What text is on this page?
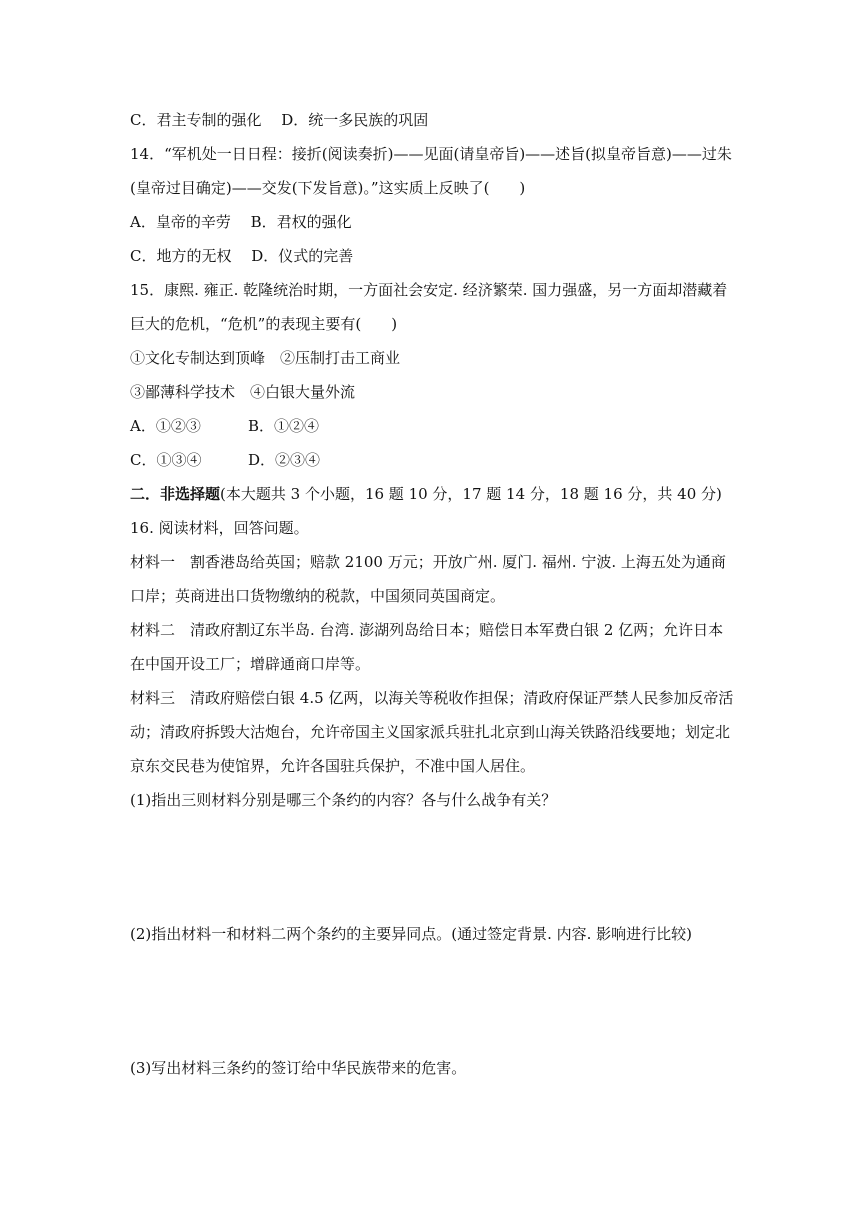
C．君主专制的强化　 D．统一多民族的巩固
14．“军机处一日日程：接折(阅读奏折)——见面(请皇帝旨)——述旨(拟皇帝旨意)——过朱
(皇帝过目确定)——交发(下发旨意)。”这实质上反映了(　　)
A．皇帝的辛劳　 B．君权的强化
C．地方的无权　 D．仪式的完善
15．康熙. 雍正. 乾隆统治时期，一方面社会安定. 经济繁荣. 国力强盛，另一方面却潜藏着
巨大的危机，“危机”的表现主要有(　　)
①文化专制达到顶峰　②压制打击工商业
③鄙薄科学技术　④白银大量外流
A．①②③	B．①②④
C．①③④	D．②③④
二．非选择题(本大题共 3 个小题，16 题 10 分，17 题 14 分，18 题 16 分，共 40 分)
16. 阅读材料，回答问题。
材料一　割香港岛给英国；赔款 2100 万元；开放广州. 厦门. 福州. 宁波. 上海五处为通商
口岸；英商进出口货物缴纳的税款，中国须同英国商定。
材料二　清政府割辽东半岛. 台湾. 澎湖列岛给日本；赔偿日本军费白银 2 亿两；允许日本
在中国开设工厂；增辟通商口岸等。
材料三　清政府赔偿白银 4.5 亿两，以海关等税收作担保；清政府保证严禁人民参加反帝活
动；清政府拆毁大沽炮台，允许帝国主义国家派兵驻扎北京到山海关铁路沿线要地；划定北
京东交民巷为使馆界，允许各国驻兵保护，不准中国人居住。
(1)指出三则材料分别是哪三个条约的内容？各与什么战争有关？
(2)指出材料一和材料二两个条约的主要异同点。(通过签定背景. 内容. 影响进行比较)
(3)写出材料三条约的签订给中华民族带来的危害。
